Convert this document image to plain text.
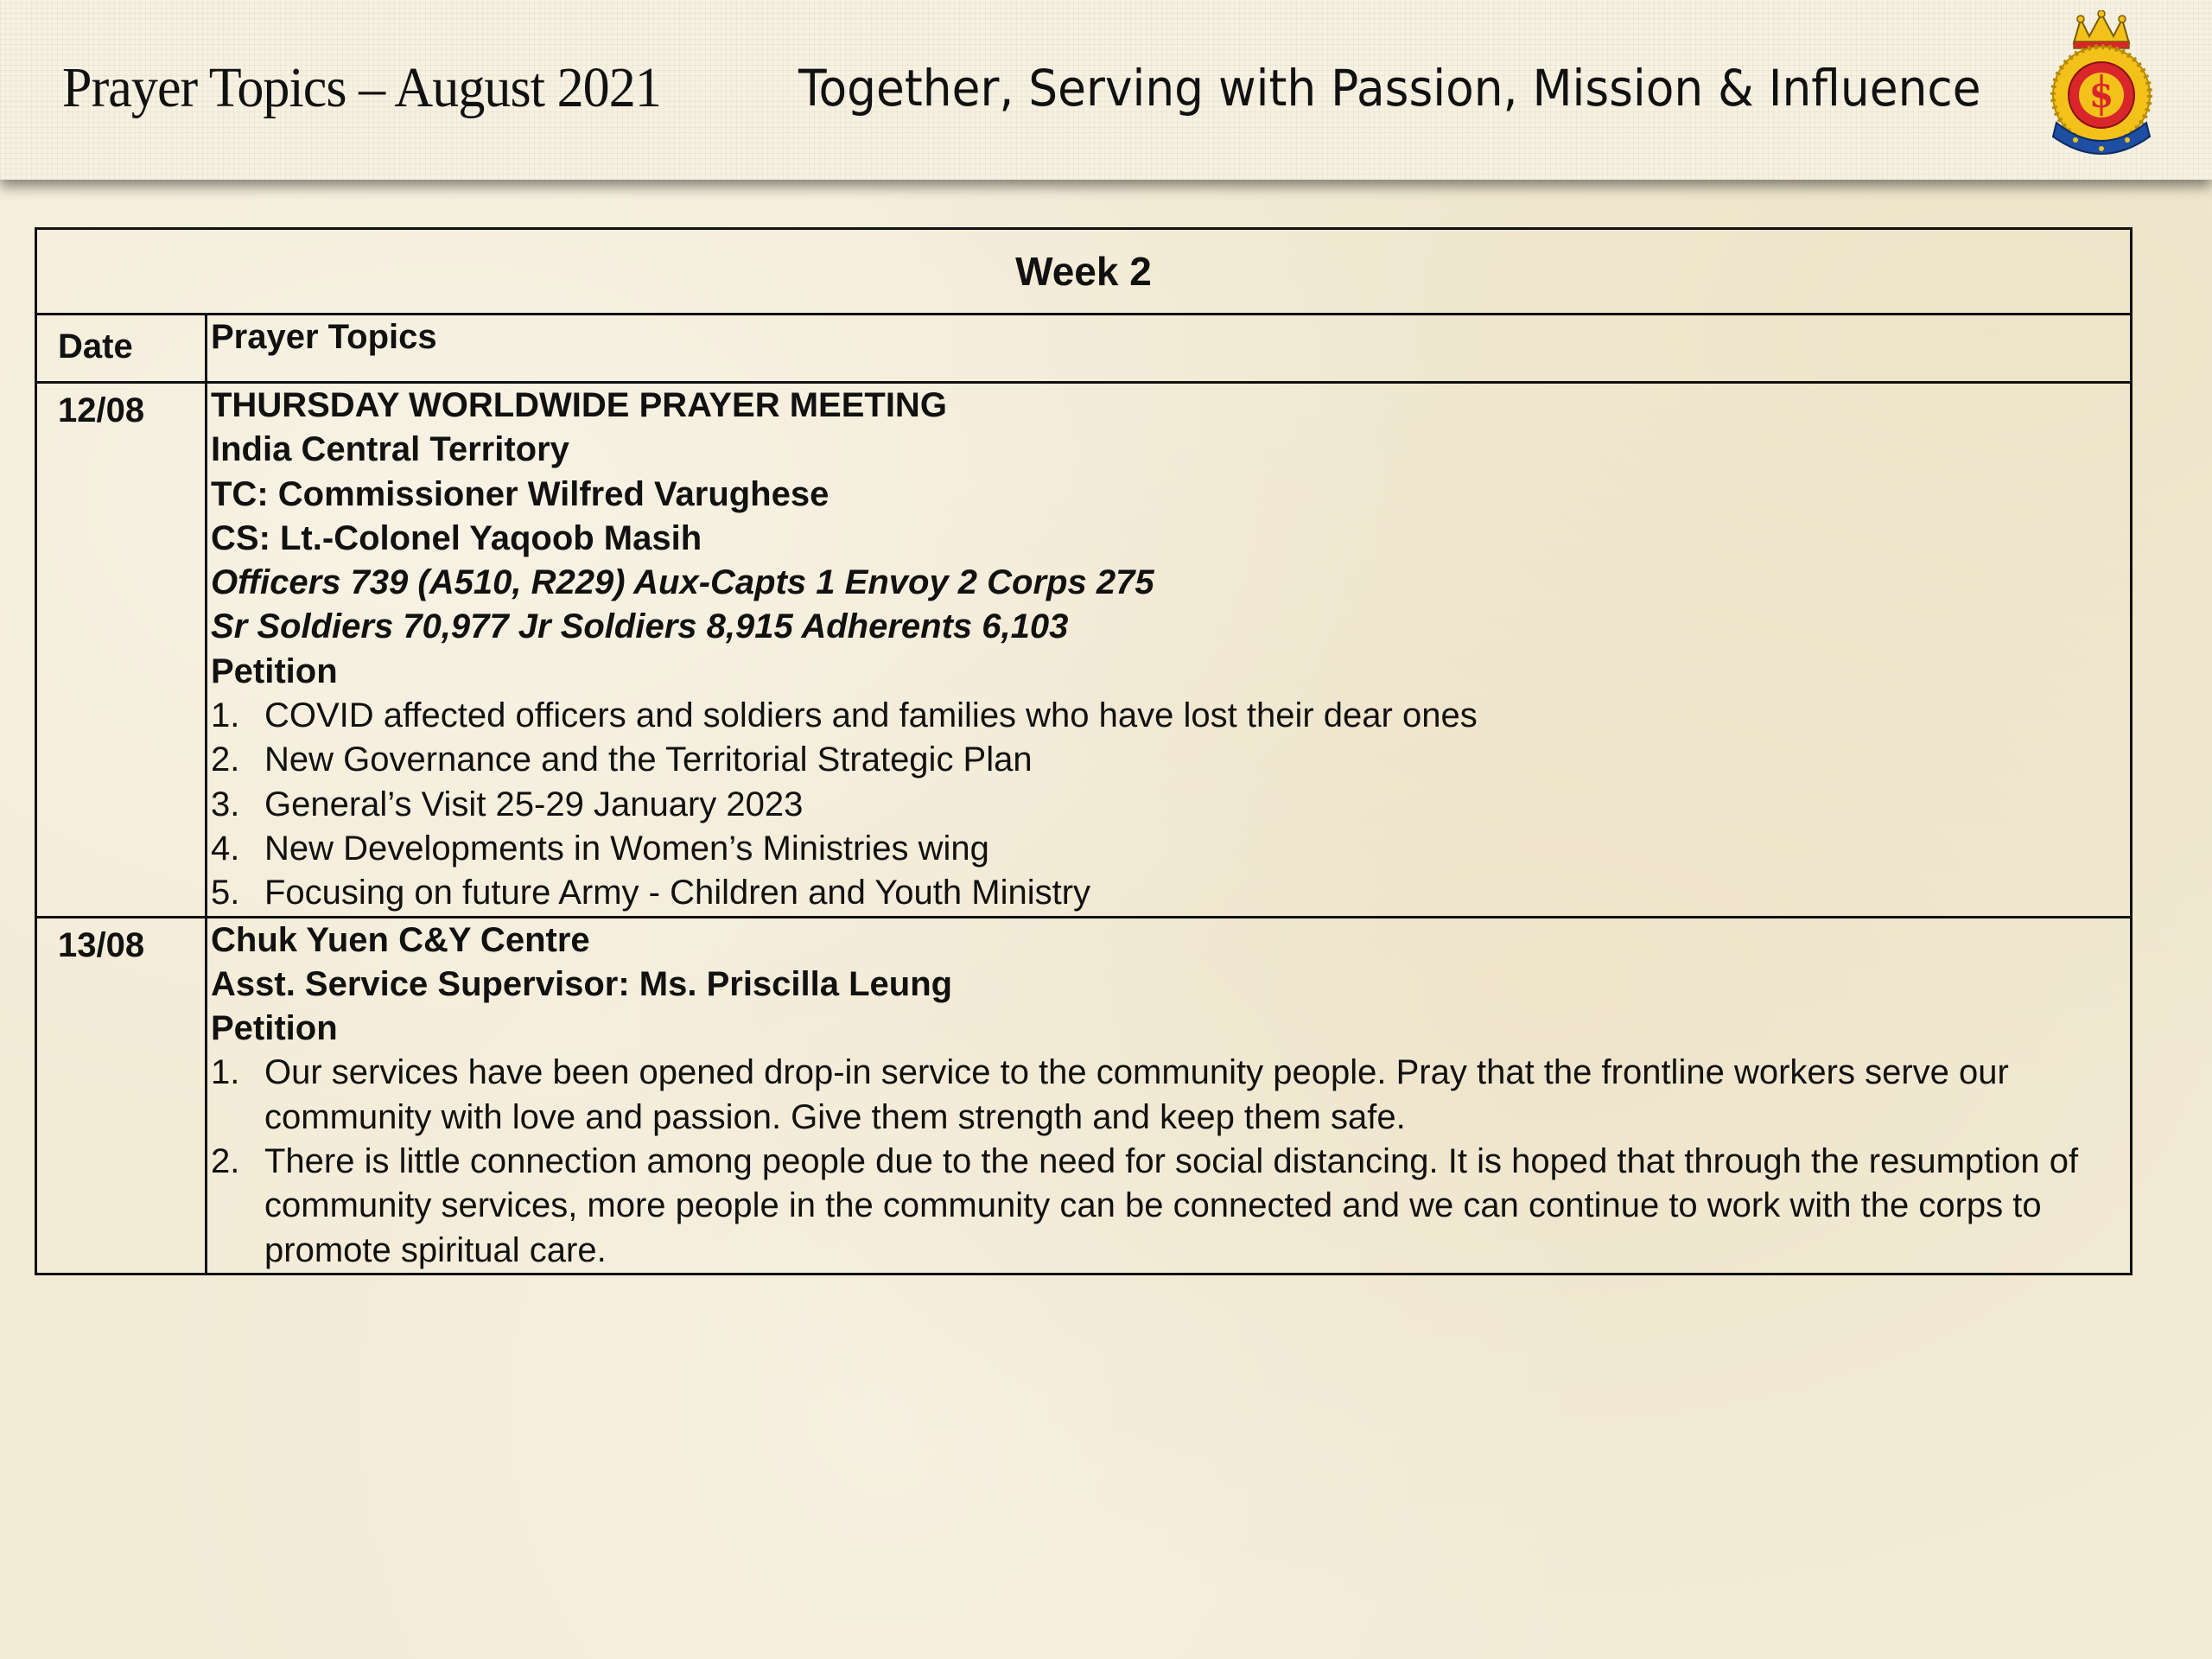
Prayer Topics – August 2021	Together, Serving with Passion, Mission & Influence	S
Week 2
Date	Prayer Topics
12/08	THURSDAY WORLDWIDE PRAYER MEETING
India Central Territory
TC: Commissioner Wilfred Varughese
CS: Lt.-Colonel Yaqoob Masih
Officers 739 (A510, R229) Aux-Capts 1 Envoy 2 Corps 275
Sr Soldiers 70,977 Jr Soldiers 8,915 Adherents 6,103
Petition
1. COVID affected officers and soldiers and families who have lost their dear ones
2. New Governance and the Territorial Strategic Plan
3. General’s Visit 25-29 January 2023
4. New Developments in Women’s Ministries wing
5. Focusing on future Army - Children and Youth Ministry
13/08	Chuk Yuen C&Y Centre
Asst. Service Supervisor: Ms. Priscilla Leung
Petition
1. Our services have been opened drop-in service to the community people. Pray that the frontline workers serve our community with love and passion. Give them strength and keep them safe.
2. There is little connection among people due to the need for social distancing. It is hoped that through the resumption of community services, more people in the community can be connected and we can continue to work with the corps to promote spiritual care.
